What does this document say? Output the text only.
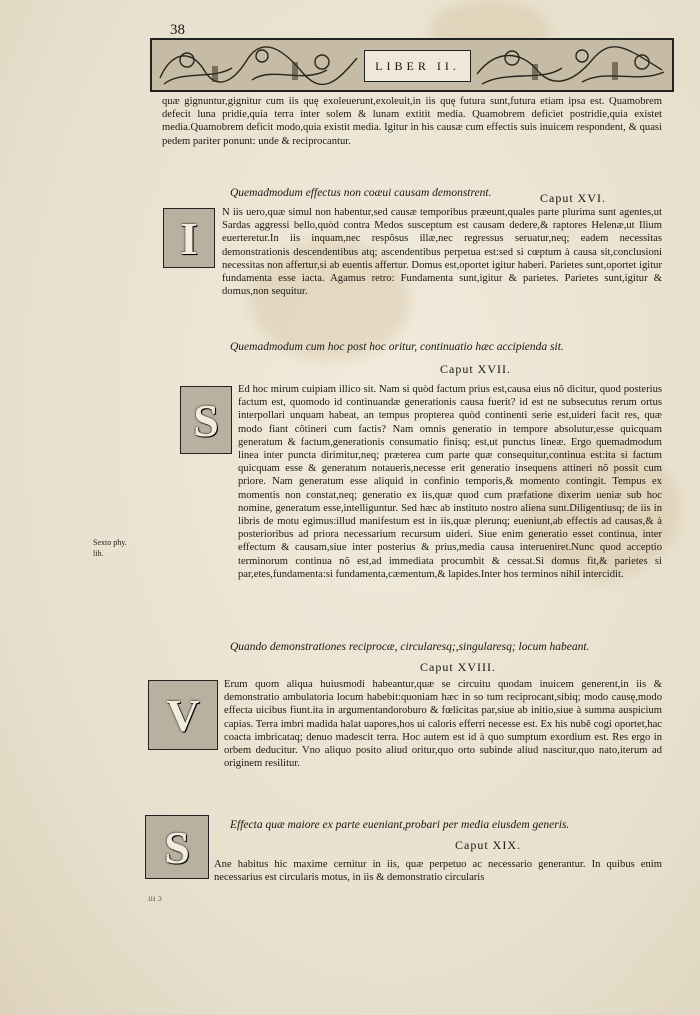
38
LIBER II.
quæ gignuntur,gignitur cum iis quę exoleuerunt,exoleuit,in iis quę futura sunt,futura etiam ipsa est. Quamobrem defecit luna pridie,quia terra inter solem & lunam extitit media. Quamobrem deficiet postridie,quia existet media.Quamobrem deficit modo,quia existit media. Igitur in his causæ cum effectis suis inuicem respondent, & quasi pedem pariter ponunt: unde & reciprocantur.
Quemadmodum effectus non coæui causam demonstrent.	Caput XVI.
I	N iis uero,quæ simul non habentur,sed causæ temporibus præeunt,quales parte plurima sunt agentes,ut Sardas aggressi bello,quòd contra Medos susceptum est causam dedere,& raptores Helenæ,ut Ilium euerteretur.In iis inquam,nec respõsus illæ,nec regressus seruatur,neq; eadem necessitas demonstrationis descendentibus atq; ascendentibus perpetua est:sed si cœptum à causa sit,conclusioni necessitas non affertur,si ab euentis affertur. Domus est,oportet igitur haberi. Parietes sunt,oportet igitur fundamenta esse iacta. Agamus retro: Fundamenta sunt,igitur & parietes. Parietes sunt,igitur & domus,non sequitur.
Quemadmodum cum hoc post hoc oritur, continuatio hæc accipienda sit.
Caput XVII.
S
Ed hoc mirum cuipiam illico sit. Nam si quòd factum prius est,causa eius nõ dicitur, quod posterius factum est, quomodo id continuandæ generationis causa fuerit? id est ne subsecutus rerum ortus interpollari unquam habeat, an tempus propterea quòd continenti serie est,uideri facit res, quæ modo fiant cõtineri cum factis? Nam omnis generatio in tempore absolutur,esse quicquam generatum & factum,generationis consumatio finisq; est,ut punctus lineæ. Ergo quemadmodum linea inter puncta dirimitur,neq; præterea cum parte quæ consequitur,continua est:ita si factum quicquam esse & generatum notaueris,necesse erit generatio insequens attineri nõ possit cum priore. Nam generatum esse aliquid in confinio temporis,& momento contingit. Tempus ex momentis non constat,neq; generatio ex iis,quæ quod cum præfatione dixerim ueniæ sub hoc nomine, generatum esse,intelliguntur. Sed hæc ab instituto nostro aliena sunt.Diligentiusq; de iis in libris de motu egimus:illud manifestum est in iis,quæ plerunq; eueniunt,ab effectis ad causas,& à posterioribus ad priora necessarium recursum uideri. Siue enim generatio esset continua, inter effectum & causam,siue inter posterius & prius,media causa interueniret.Nunc quod acceptio terminorum continua nõ est,ad immediata procumbit & cessat.Si domus fit,& parietes si par,etes,fundamenta:si fundamenta,cæmentum,& lapides.Inter hos terminos nihil intercidit.
Sexto phy.
lib.
Quando demonstrationes reciprocæ, circularesq;,singularesq; locum habeant.
Caput XVIII.
V
Erum quom aliqua huiusmodi habeantur,quæ se circuitu quodam inuicem generent,in iis & demonstratio ambulatoria locum habebit:quoniam hæc in so tum reciprocant,sibiq; modo causę,modo effecta uicibus fiunt.ita in argumentandoroburo & fœlicitas par,siue ab initio,siue à summa auspicium capias. Terra imbri madida halat uapores,hos ui caloris efferri necesse est. Ex his nubě cogi oportet,hac coacta imbricataq; denuo madescit terra. Hoc autem est id à quo sumptum exordium est. Res ergo in orbem deducitur. Vno aliquo posito aliud oritur,quo orto subinde aliud nascitur,quo nato,iterum ad originem resilitur.
Effecta quæ maiore ex parte eueniant,probari per media eiusdem generis.
Caput XIX.
S	Ane habitus hic maxime cernitur in iis, quæ perpetuo ac necessario generantur. In quibus enim necessarius est circularis motus, in iis & demonstratio circularis
ııı ɔ
